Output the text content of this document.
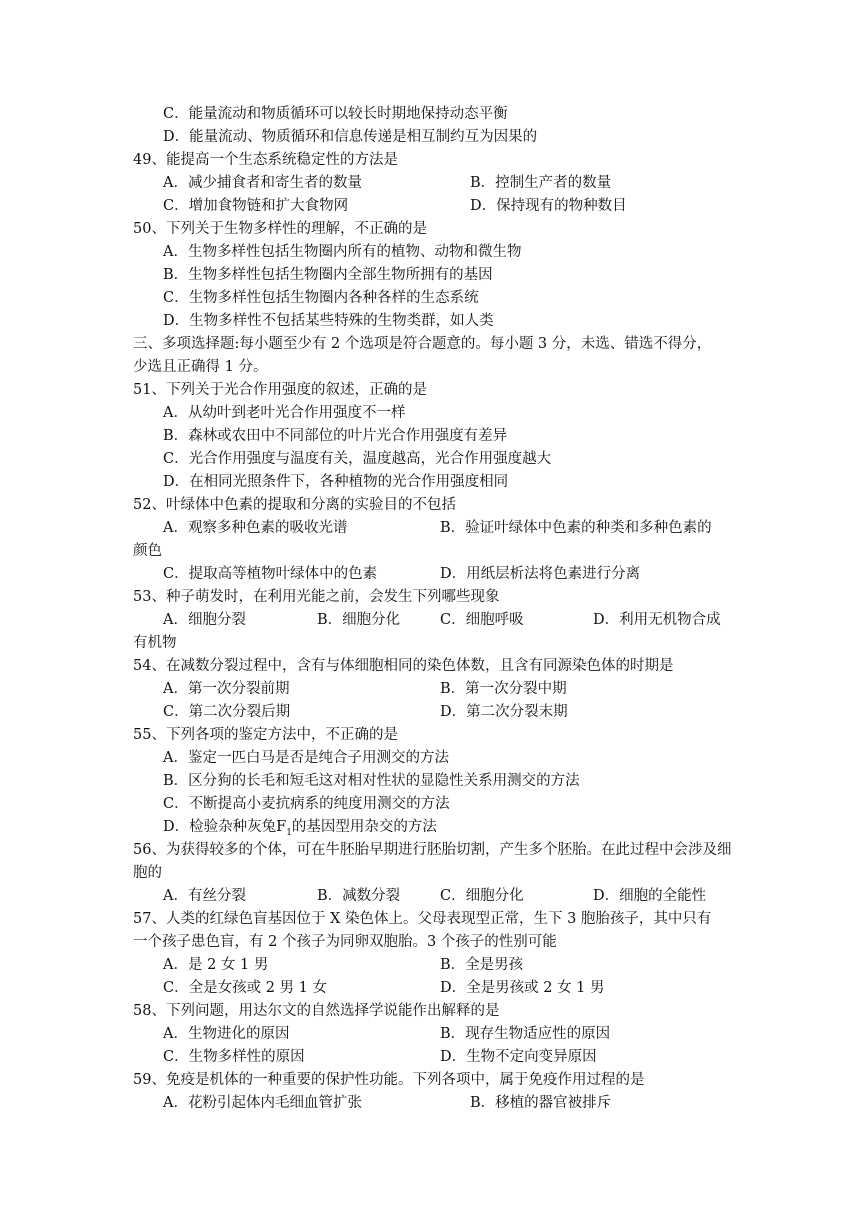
C．能量流动和物质循环可以较长时期地保持动态平衡
D．能量流动、物质循环和信息传递是相互制约互为因果的
49、能提高一个生态系统稳定性的方法是
A．减少捕食者和寄生者的数量	B．控制生产者的数量
C．增加食物链和扩大食物网	D．保持现有的物种数目
50、下列关于生物多样性的理解，不正确的是
A．生物多样性包括生物圈内所有的植物、动物和微生物
B．生物多样性包括生物圈内全部生物所拥有的基因
C．生物多样性包括生物圈内各种各样的生态系统
D．生物多样性不包括某些特殊的生物类群，如人类
三、多项选择题:每小题至少有 2 个选项是符合题意的。每小题 3 分，未选、错选不得分，
少选且正确得 1 分。
51、下列关于光合作用强度的叙述，正确的是
A．从幼叶到老叶光合作用强度不一样
B．森林或农田中不同部位的叶片光合作用强度有差异
C．光合作用强度与温度有关，温度越高，光合作用强度越大
D．在相同光照条件下，各种植物的光合作用强度相同
52、叶绿体中色素的提取和分离的实验目的不包括
A．观察多种色素的吸收光谱	B．验证叶绿体中色素的种类和多种色素的
颜色
C．提取高等植物叶绿体中的色素	D．用纸层析法将色素进行分离
53、种子萌发时，在利用光能之前，会发生下列哪些现象
A．细胞分裂	B．细胞分化	C．细胞呼吸	D．利用无机物合成
有机物
54、在减数分裂过程中，含有与体细胞相同的染色体数，且含有同源染色体的时期是
A．第一次分裂前期	B．第一次分裂中期
C．第二次分裂后期	D．第二次分裂末期
55、下列各项的鉴定方法中，不正确的是
A．鉴定一匹白马是否是纯合子用测交的方法
B．区分狗的长毛和短毛这对相对性状的显隐性关系用测交的方法
C．不断提高小麦抗病系的纯度用测交的方法
D．检验杂种灰兔$F_1$的基因型用杂交的方法
56、为获得较多的个体，可在牛胚胎早期进行胚胎切割，产生多个胚胎。在此过程中会涉及细
胞的
A．有丝分裂	B．减数分裂	C．细胞分化	D．细胞的全能性
57、人类的红绿色盲基因位于 X 染色体上。父母表现型正常，生下 3 胞胎孩子，其中只有
一个孩子患色盲，有 2 个孩子为同卵双胞胎。3 个孩子的性别可能
A．是 2 女 1 男	B．全是男孩
C．全是女孩或 2 男 1 女	D．全是男孩或 2 女 1 男
58、下列问题，用达尔文的自然选择学说能作出解释的是
A．生物进化的原因	B．现存生物适应性的原因
C．生物多样性的原因	D．生物不定向变异原因
59、免疫是机体的一种重要的保护性功能。下列各项中，属于免疫作用过程的是
A．花粉引起体内毛细血管扩张	B．移植的器官被排斥
